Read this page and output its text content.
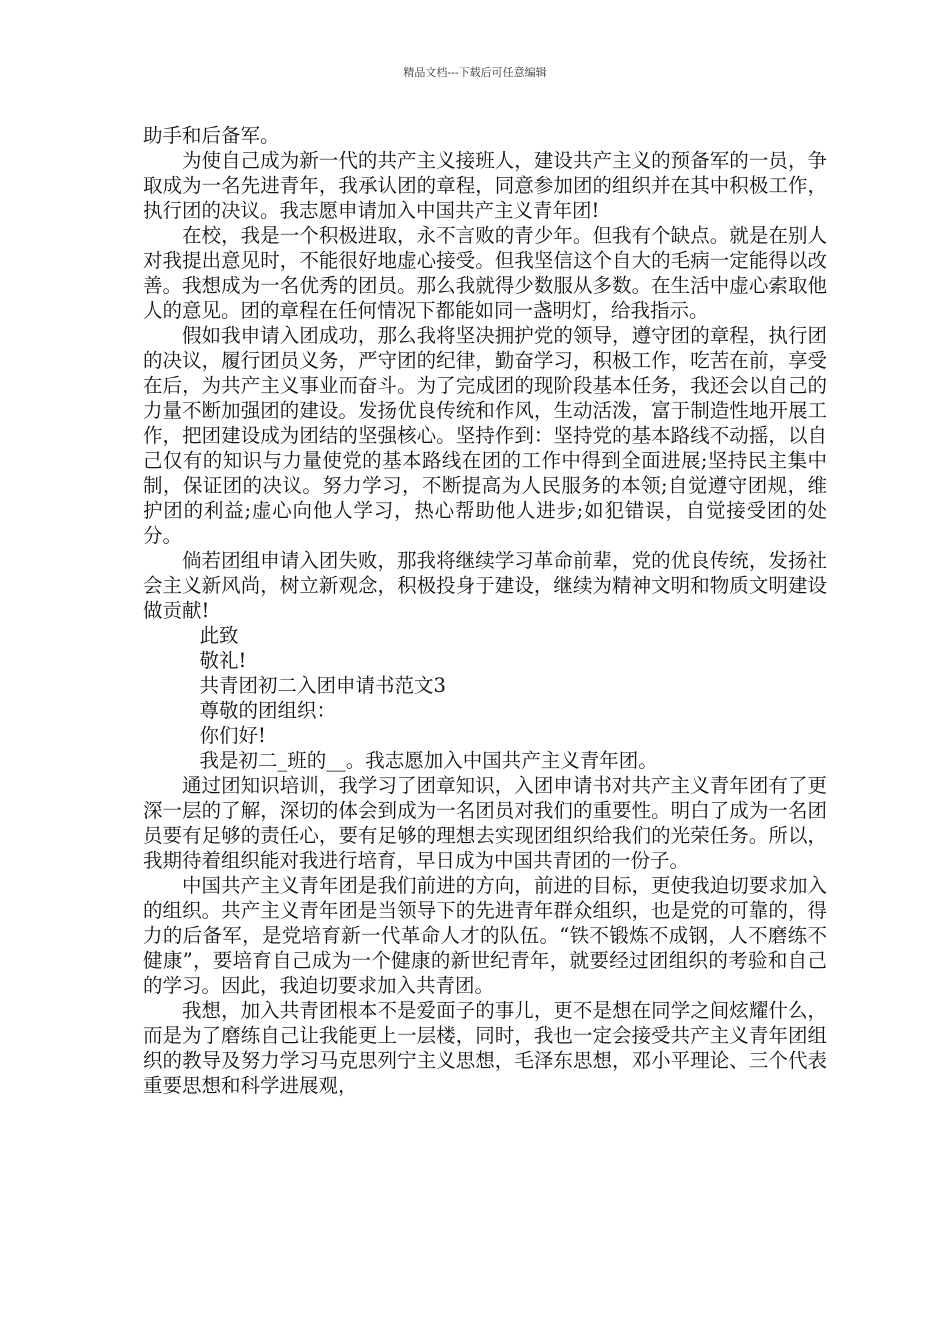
精品文档---下载后可任意编辑

助手和后备军。

为使自己成为新一代的共产主义接班人，建设共产主义的预备军的一员，争取成为一名先进青年，我承认团的章程，同意参加团的组织并在其中积极工作，执行团的决议。我志愿申请加入中国共产主义青年团!

在校，我是一个积极进取，永不言败的青少年。但我有个缺点。就是在别人对我提出意见时，不能很好地虚心接受。但我坚信这个自大的毛病一定能得以改善。我想成为一名优秀的团员。那么我就得少数服从多数。在生活中虚心索取他人的意见。团的章程在任何情况下都能如同一盏明灯，给我指示。

假如我申请入团成功，那么我将坚决拥护党的领导，遵守团的章程，执行团的决议，履行团员义务，严守团的纪律，勤奋学习，积极工作，吃苦在前，享受在后，为共产主义事业而奋斗。为了完成团的现阶段基本任务，我还会以自己的力量不断加强团的建设。发扬优良传统和作风，生动活泼，富于制造性地开展工作，把团建设成为团结的坚强核心。坚持作到：坚持党的基本路线不动摇，以自己仅有的知识与力量使党的基本路线在团的工作中得到全面进展;坚持民主集中制，保证团的决议。努力学习，不断提高为人民服务的本领;自觉遵守团规，维护团的利益;虚心向他人学习，热心帮助他人进步;如犯错误，自觉接受团的处分。

倘若团组申请入团失败，那我将继续学习革命前辈，党的优良传统，发扬社会主义新风尚，树立新观念，积极投身于建设，继续为精神文明和物质文明建设做贡献!

此致

敬礼!

共青团初二入团申请书范文3

尊敬的团组织：

你们好!

我是初二_班的__。我志愿加入中国共产主义青年团。

通过团知识培训，我学习了团章知识，入团申请书对共产主义青年团有了更深一层的了解，深切的体会到成为一名团员对我们的重要性。明白了成为一名团员要有足够的责任心，要有足够的理想去实现团组织给我们的光荣任务。所以，我期待着组织能对我进行培育，早日成为中国共青团的一份子。

中国共产主义青年团是我们前进的方向，前进的目标，更使我迫切要求加入的组织。共产主义青年团是当领导下的先进青年群众组织，也是党的可靠的，得力的后备军，是党培育新一代革命人才的队伍。“铁不锻炼不成钢，人不磨练不健康”，要培育自己成为一个健康的新世纪青年，就要经过团组织的考验和自己的学习。因此，我迫切要求加入共青团。

我想，加入共青团根本不是爱面子的事儿，更不是想在同学之间炫耀什么，而是为了磨练自己让我能更上一层楼，同时，我也一定会接受共产主义青年团组织的教导及努力学习马克思列宁主义思想，毛泽东思想，邓小平理论、三个代表重要思想和科学进展观，
